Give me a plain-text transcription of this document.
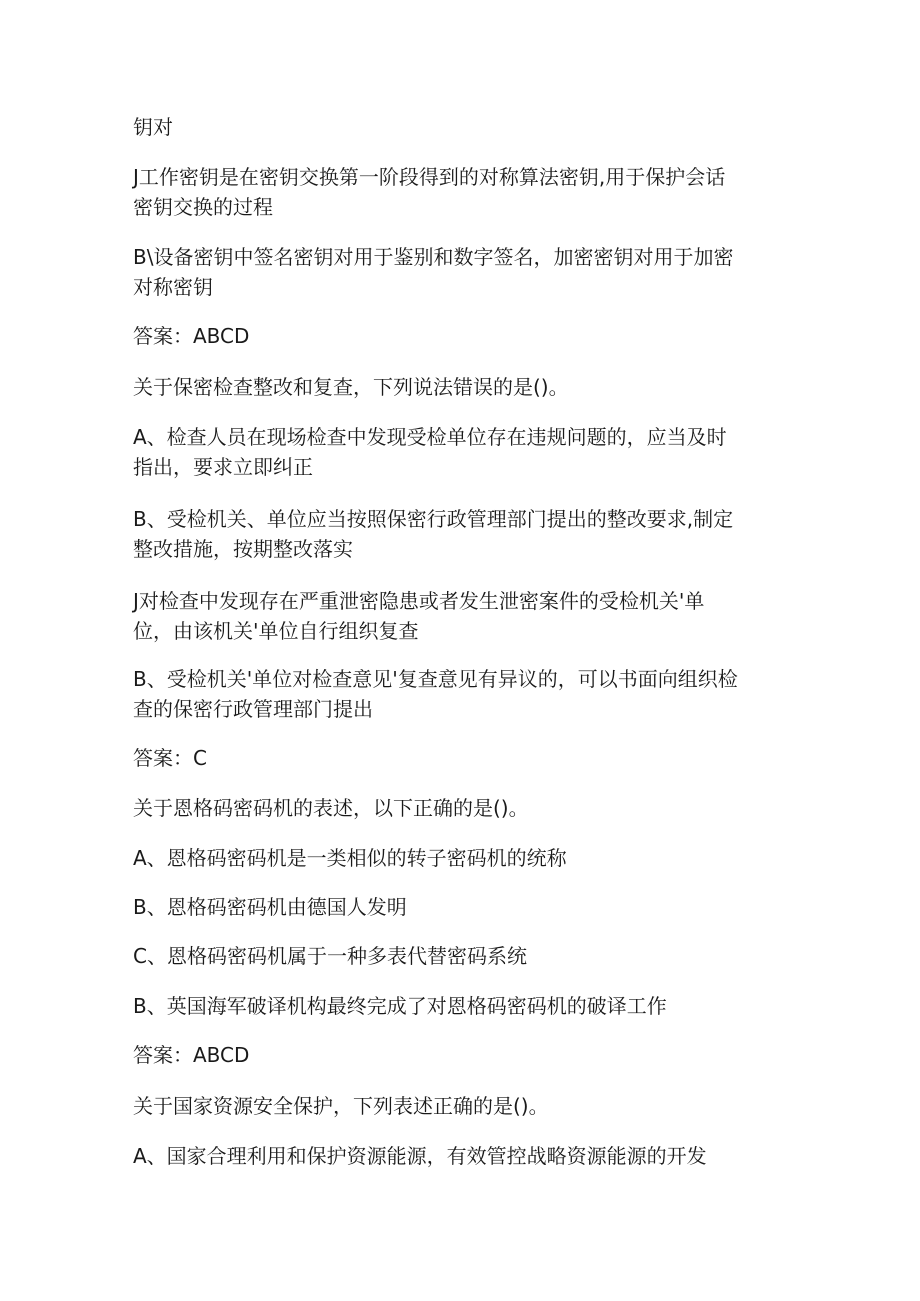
钥对

J工作密钥是在密钥交换第一阶段得到的对称算法密钥,用于保护会话
密钥交换的过程

B\设备密钥中签名密钥对用于鉴别和数字签名，加密密钥对用于加密
对称密钥

答案：ABCD

关于保密检查整改和复查，下列说法错误的是()。

A、检查人员在现场检查中发现受检单位存在违规问题的，应当及时
指出，要求立即纠正

B、受检机关、单位应当按照保密行政管理部门提出的整改要求,制定
整改措施，按期整改落实

J对检查中发现存在严重泄密隐患或者发生泄密案件的受检机关'单
位，由该机关'单位自行组织复查

B、受检机关'单位对检查意见'复查意见有异议的，可以书面向组织检
查的保密行政管理部门提出

答案：C

关于恩格码密码机的表述，以下正确的是()。

A、恩格码密码机是一类相似的转子密码机的统称

B、恩格码密码机由德国人发明

C、恩格码密码机属于一种多表代替密码系统

B、英国海军破译机构最终完成了对恩格码密码机的破译工作

答案：ABCD

关于国家资源安全保护，下列表述正确的是()。

A、国家合理利用和保护资源能源，有效管控战略资源能源的开发
